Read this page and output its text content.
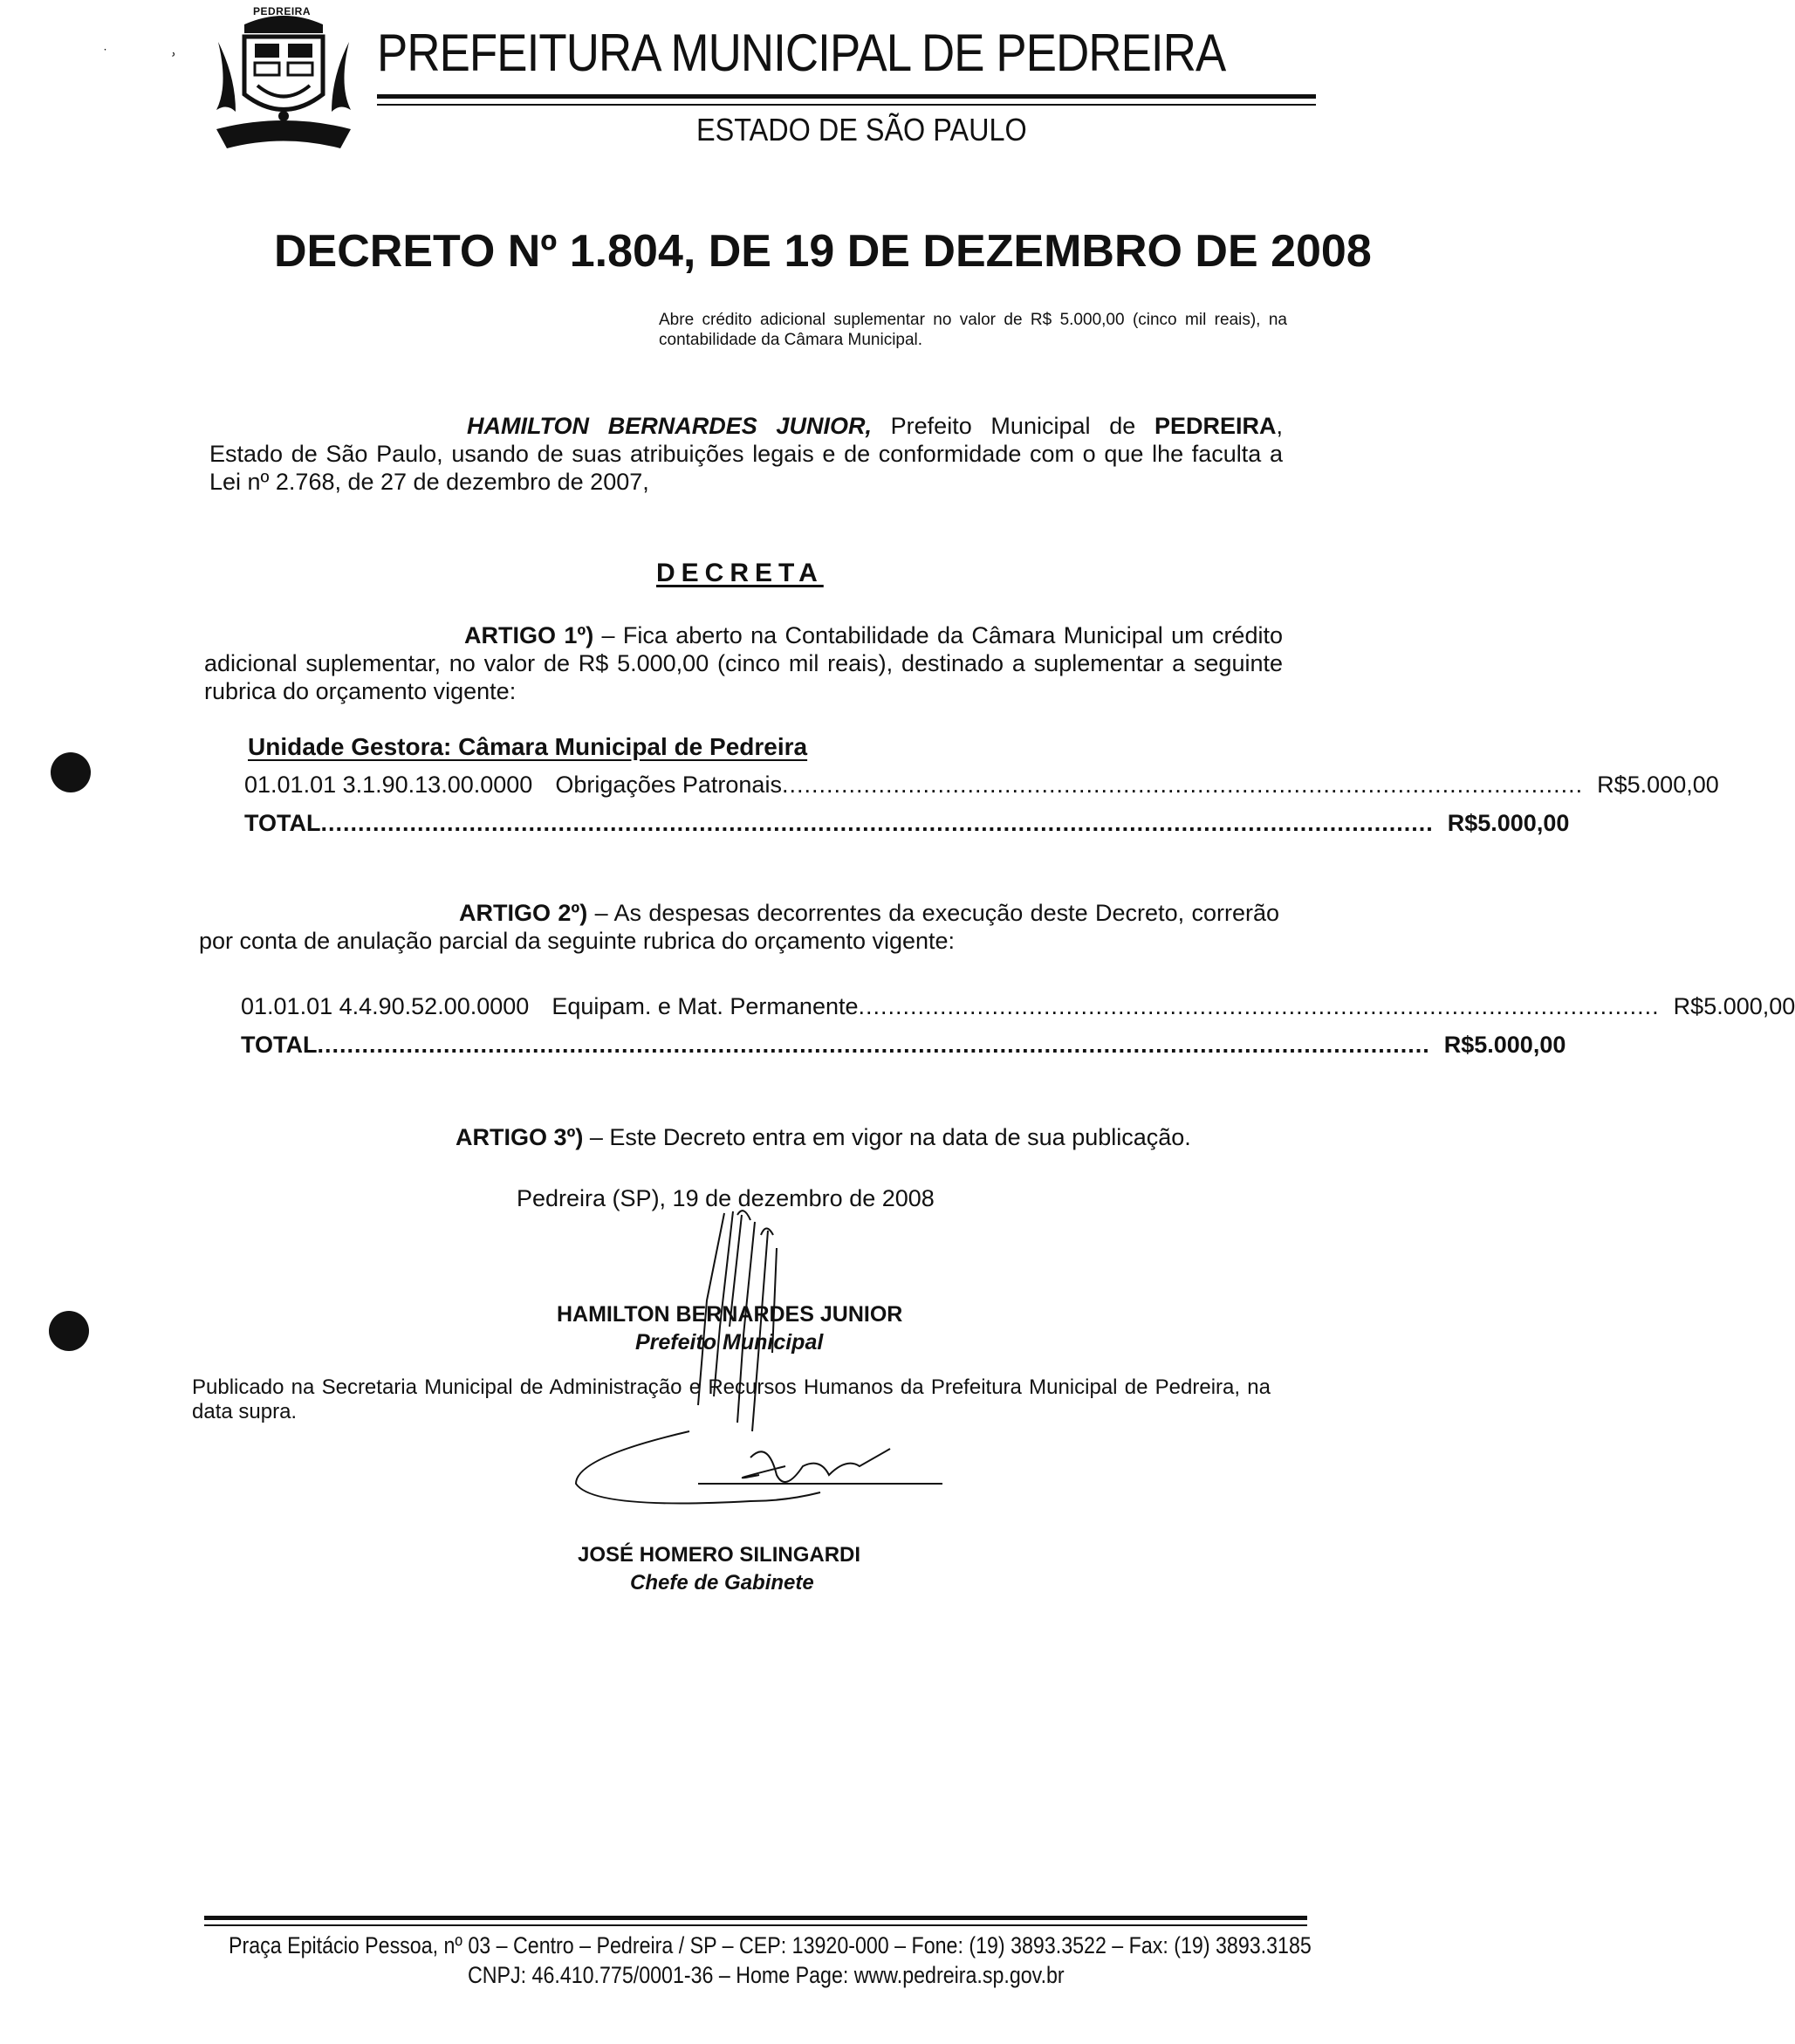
ˑ	˒
PEDREIRA
PREFEITURA MUNICIPAL DE PEDREIRA
ESTADO DE SÃO PAULO
DECRETO Nº 1.804, DE 19 DE DEZEMBRO DE 2008
Abre crédito adicional suplementar no valor de R$ 5.000,00 (cinco mil reais), na contabilidade da Câmara Municipal.
HAMILTON BERNARDES JUNIOR, Prefeito Municipal de PEDREIRA, Estado de São Paulo, usando de suas atribuições legais e de conformidade com o que lhe faculta a Lei nº 2.768, de 27 de dezembro de 2007,
DECRETA
ARTIGO 1º) – Fica aberto na Contabilidade da Câmara Municipal um crédito adicional suplementar, no valor de R$ 5.000,00 (cinco mil reais), destinado a suplementar a seguinte rubrica do orçamento vigente:
Unidade Gestora: Câmara Municipal de Pedreira
01.01.01 3.1.90.13.00.0000 Obrigações Patronais ............................................................................................................ R$ 5.000,00
TOTAL ...................................................................................................................................................... R$ 5.000,00
ARTIGO 2º) – As despesas decorrentes da execução deste Decreto, correrão por conta de anulação parcial da seguinte rubrica do orçamento vigente:
01.01.01 4.4.90.52.00.0000 Equipam. e Mat. Permanente ............................................................................................................ R$ 5.000,00
TOTAL ...................................................................................................................................................... R$ 5.000,00
ARTIGO 3º) – Este Decreto entra em vigor na data de sua publicação.
Pedreira (SP), 19 de dezembro de 2008
HAMILTON BERNARDES JUNIOR
Prefeito Municipal
Publicado na Secretaria Municipal de Administração e Recursos Humanos da Prefeitura Municipal de Pedreira, na data supra.
JOSÉ HOMERO SILINGARDI
Chefe de Gabinete
Praça Epitácio Pessoa, nº 03 – Centro – Pedreira / SP – CEP: 13920-000 – Fone: (19) 3893.3522 – Fax: (19) 3893.3185
CNPJ: 46.410.775/0001-36 – Home Page: www.pedreira.sp.gov.br
